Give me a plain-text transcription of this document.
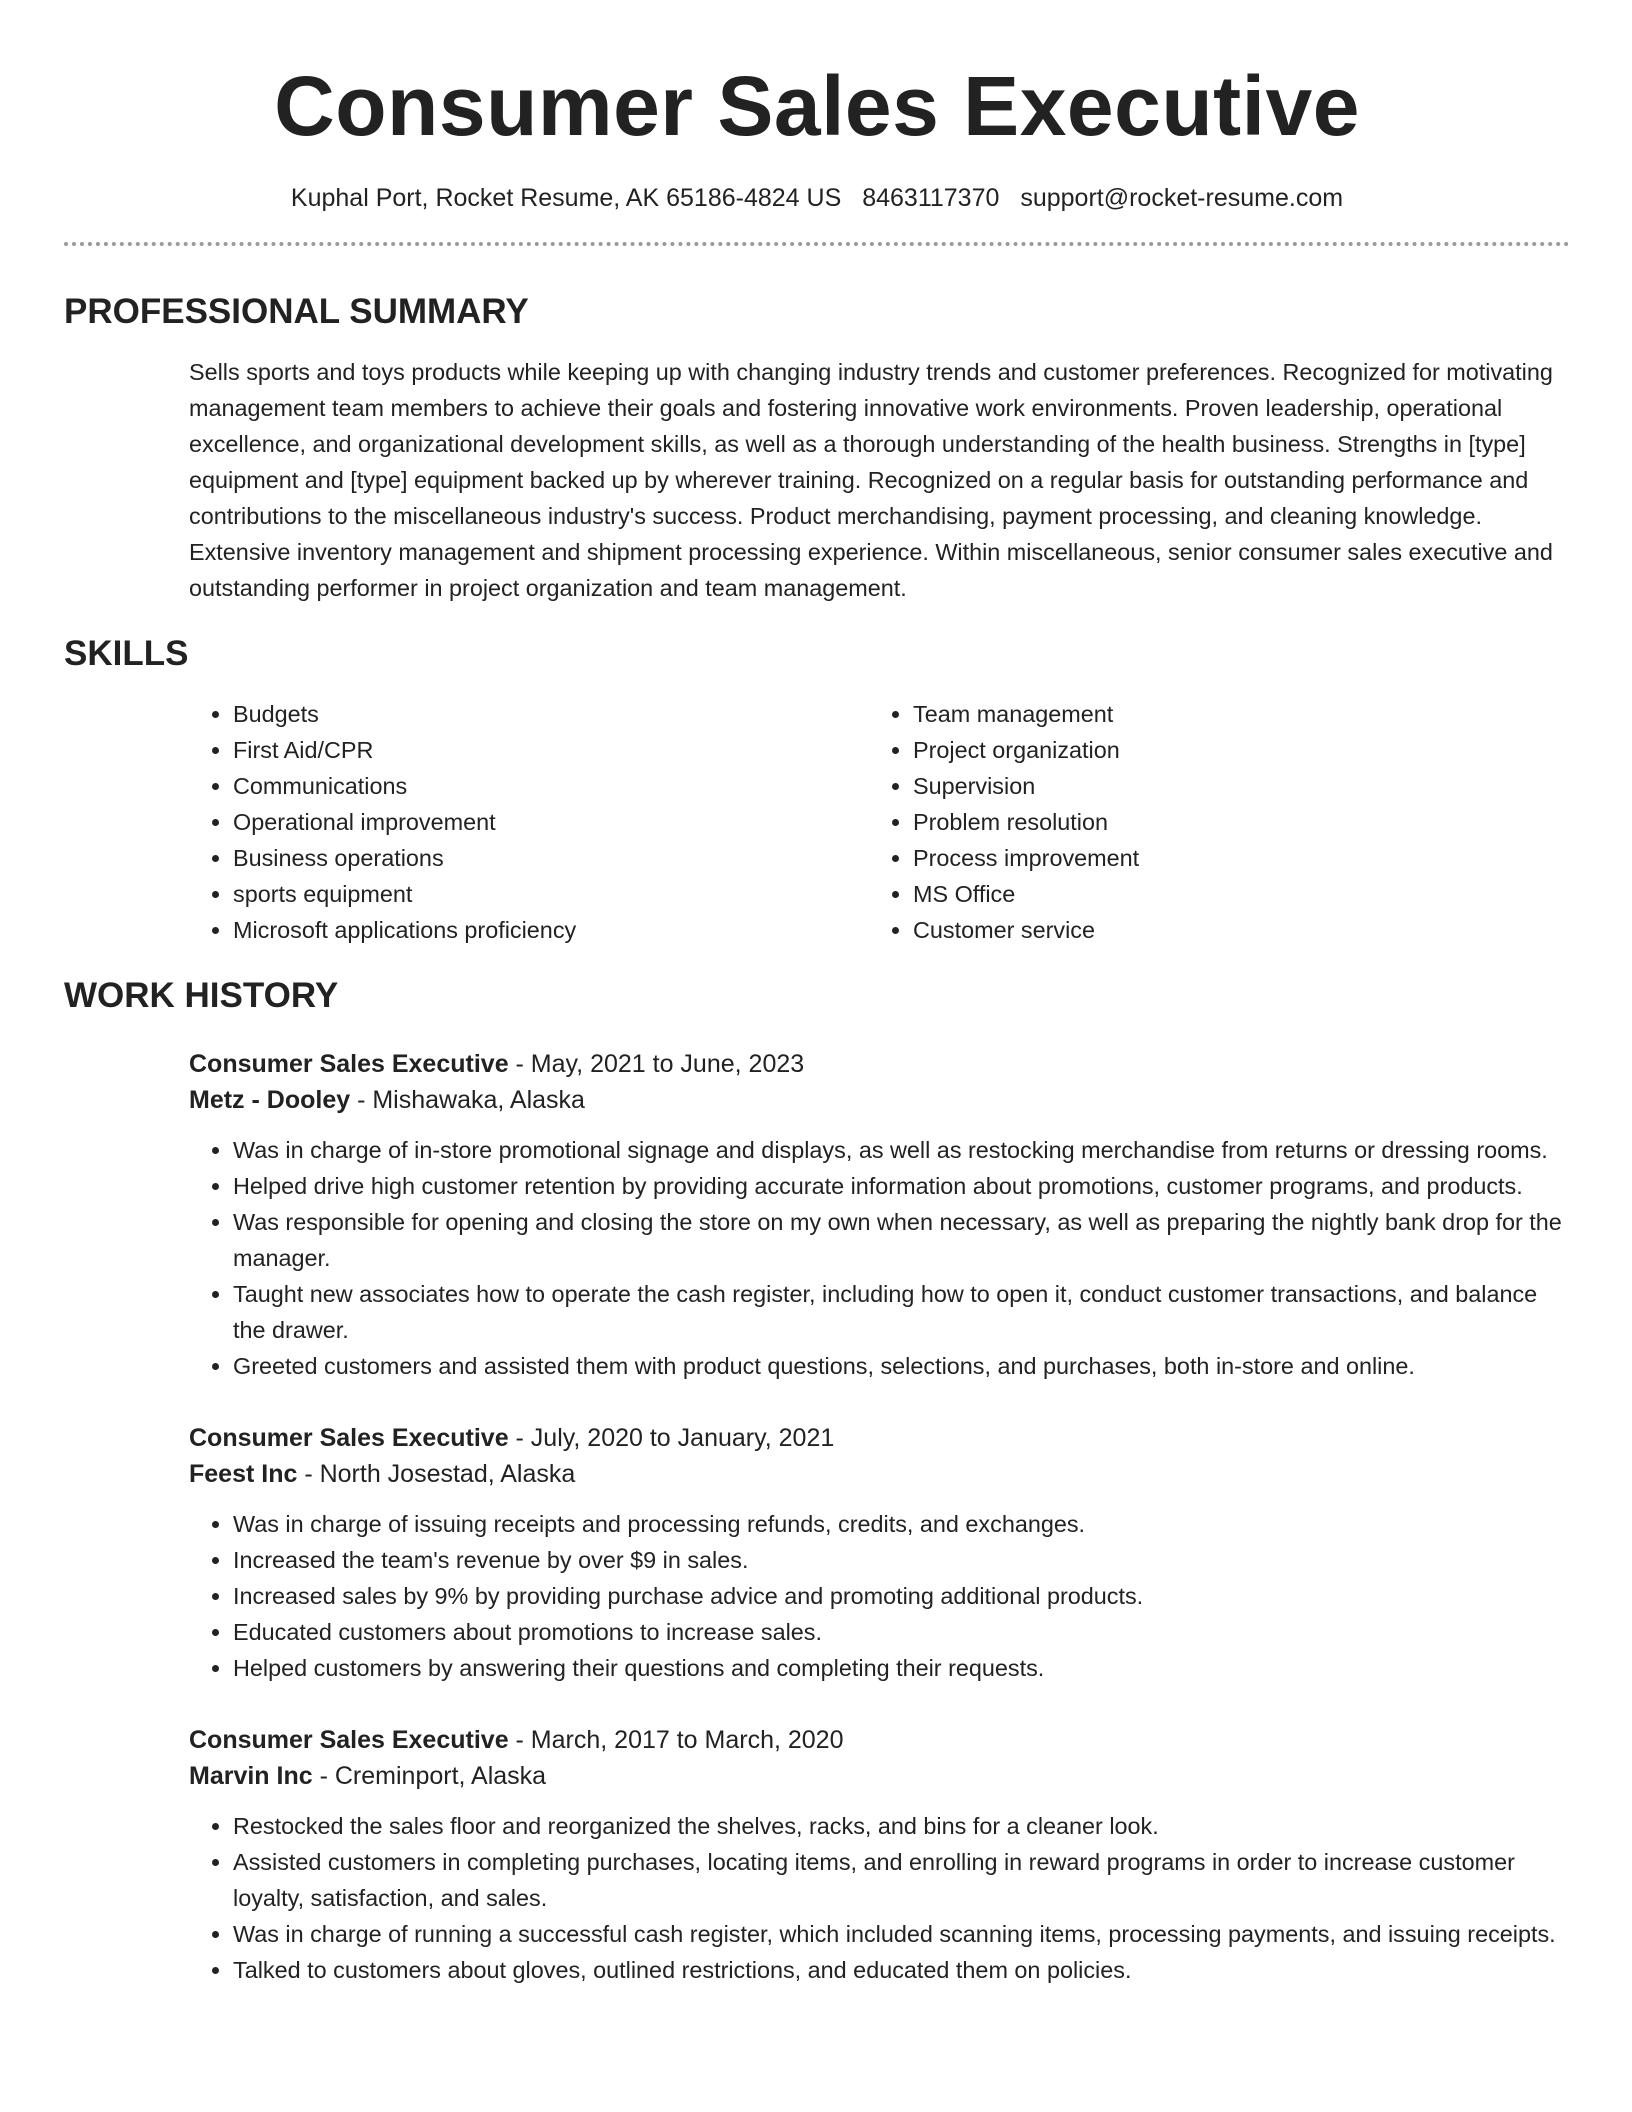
Consumer Sales Executive
Kuphal Port, Rocket Resume, AK 65186-4824 US 8463117370 support@rocket-resume.com
PROFESSIONAL SUMMARY
Sells sports and toys products while keeping up with changing industry trends and customer preferences. Recognized for motivating management team members to achieve their goals and fostering innovative work environments. Proven leadership, operational excellence, and organizational development skills, as well as a thorough understanding of the health business. Strengths in [type] equipment and [type] equipment backed up by wherever training. Recognized on a regular basis for outstanding performance and contributions to the miscellaneous industry's success. Product merchandising, payment processing, and cleaning knowledge. Extensive inventory management and shipment processing experience. Within miscellaneous, senior consumer sales executive and outstanding performer in project organization and team management.
SKILLS
• Budgets
• First Aid/CPR
• Communications
• Operational improvement
• Business operations
• sports equipment
• Microsoft applications proficiency
• Team management
• Project organization
• Supervision
• Problem resolution
• Process improvement
• MS Office
• Customer service
WORK HISTORY
Consumer Sales Executive - May, 2021 to June, 2023
Metz - Dooley - Mishawaka, Alaska
• Was in charge of in-store promotional signage and displays, as well as restocking merchandise from returns or dressing rooms.
• Helped drive high customer retention by providing accurate information about promotions, customer programs, and products.
• Was responsible for opening and closing the store on my own when necessary, as well as preparing the nightly bank drop for the manager.
• Taught new associates how to operate the cash register, including how to open it, conduct customer transactions, and balance the drawer.
• Greeted customers and assisted them with product questions, selections, and purchases, both in-store and online.
Consumer Sales Executive - July, 2020 to January, 2021
Feest Inc - North Josestad, Alaska
• Was in charge of issuing receipts and processing refunds, credits, and exchanges.
• Increased the team's revenue by over $9 in sales.
• Increased sales by 9% by providing purchase advice and promoting additional products.
• Educated customers about promotions to increase sales.
• Helped customers by answering their questions and completing their requests.
Consumer Sales Executive - March, 2017 to March, 2020
Marvin Inc - Creminport, Alaska
• Restocked the sales floor and reorganized the shelves, racks, and bins for a cleaner look.
• Assisted customers in completing purchases, locating items, and enrolling in reward programs in order to increase customer loyalty, satisfaction, and sales.
• Was in charge of running a successful cash register, which included scanning items, processing payments, and issuing receipts.
• Talked to customers about gloves, outlined restrictions, and educated them on policies.
